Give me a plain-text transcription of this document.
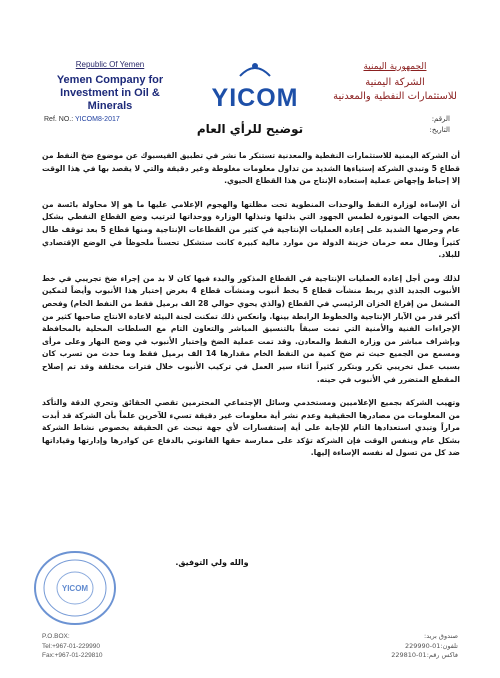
Republic Of Yemen
Yemen Company for
Investment in Oil & Minerals
Ref. NO.: YICOM8-2017
YICOM
الجمهورية اليمنية
الشركة اليمنية
للاستثمارات النفطية والمعدنية
الرقم:
التاريخ:
توضيح للرأي العام

أن الشركة اليمنية للاستثمارات النفطية والمعدنية تستنكر ما نشر في تطبيق الفيسبوك عن موضوع ضخ النفط من قطاع 5 وتبدي الشركة إستياءها الشديد من تداول معلومات مغلوطة وغير دقيقة والتي لا يقصد بها في هذا الوقت إلا إحباط وإجهاض عملية إستعادة الإنتاج من هذا القطاع الحيوي.

أن الإساءة لوزارة النفط والوحدات المنطوية تحت مظلتها والهجوم الإعلامي عليها ما هو إلا محاولة بائسة من بعض الجهات الموتورة لطمس الجهود التي بذلتها وتبذلها الوزارة ووحداتها لترتيب وضع القطاع النفطي بشكل عام وحرصها الشديد على إعادة العمليات الإنتاجية في كثير من القطاعات الإنتاجية ومنها قطاع 5 بعد توقف طال كثيراً وطال معه حرمان خزينة الدولة من موارد مالية كبيرة كانت ستشكل تحسناً ملحوظاً في الوضع الإقتصادي للبلاد.

لذلك ومن أجل إعادة العمليات الإنتاجية في القطاع المذكور والبدء فيها كان لا بد من إجراء ضخ تجريبي في خط الأنبوب الجديد الذي يربط منشآت قطاع 5 بخط أنبوب ومنشآت قطاع 4 بغرض إختبار هذا الأنبوب وأيضاً لتمكين المشغل من إفراغ الخزان الرئيسي في القطاع (والذي يحوي حوالي 28 الف برميل فقط من النفط الخام) وفحص أكبر قدر من الآبار الإنتاجية والخطوط الرابطة بينها. وانعكس ذلك تمكنت لجنة البيئة لاعادة الانتاج صاحبها كثير من الإجراءات الفنية والأمنية التي تمت سبقاً بالتنسيق المباشر والتعاون التام مع السلطات المحلية بالمحافظة وبإشراف مباشر من وزارة النفط والمعادن. وقد تمت عملية الضخ وإختبار الأنبوب في وضح النهار وعلى مرأى ومسمع من الجميع حيث تم ضخ كمية من النفط الخام مقدارها 14 الف برميل فقط وما حدث من تسرب كان بسبب عمل تخريبي تكرر وبتكرر كثيراً اثناء سير العمل في تركيب الأنبوب خلال فترات مختلفة وقد تم إصلاح المقطع المتضرر في الأنبوب في حينه.

وتهيب الشركة بجميع الإعلاميين ومستخدمي وسائل الإجتماعي المحترمين تقصي الحقائق وتحري الدقة والتأكد من المعلومات من مصادرها الحقيقية وعدم نشر أية معلومات غير دقيقة تسيء للآخرين علماً بأن الشركة قد أبدت مراراً وتبدي استعدادها التام للإجابة على أية إستفسارات لأي جهة تبحث عن الحقيقة بخصوص نشاط الشركة بشكل عام وينفس الوقت فإن الشركة تؤكد على ممارسة حقها القانوني بالدفاع عن كوادرها وإدارتها وقياداتها ضد كل من تسول له نفسه الإساءة إليها.

والله ولي التوفيق.
YICOM
P.O.BOX:
Tel:+967-01-229990
Fax:+967-01-229810
صندوق بريد:
تلفون:01-229990
فاكس رقم:01-229810
